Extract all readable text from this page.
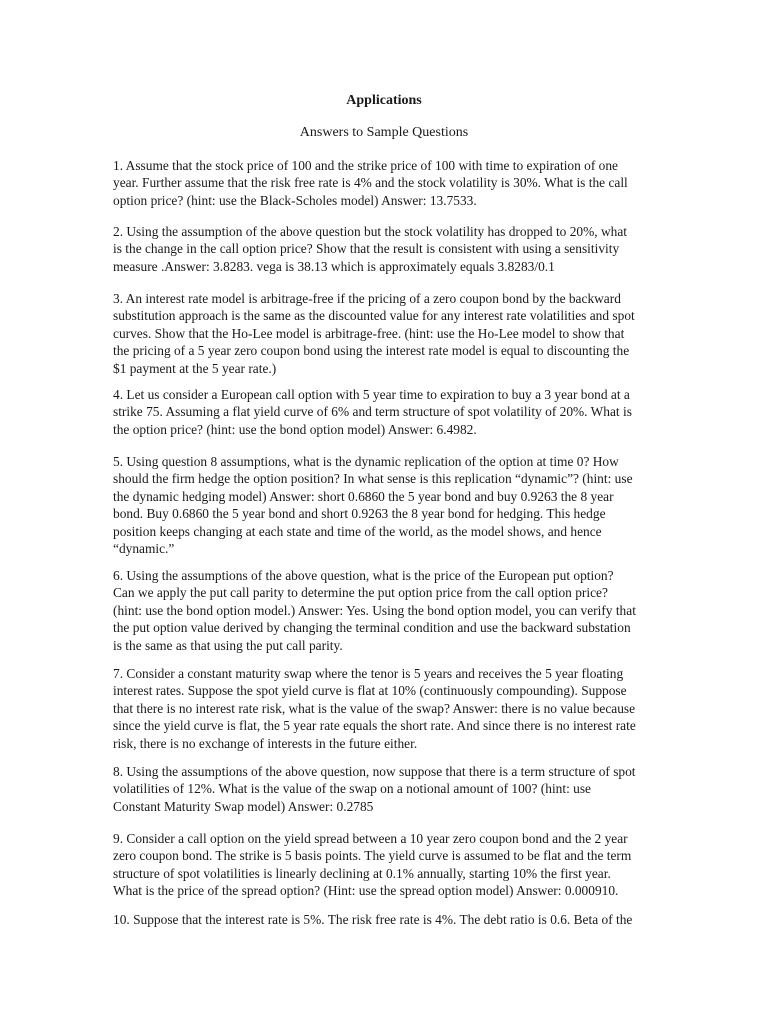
Applications
Answers to Sample Questions

1. Assume that the stock price of 100 and the strike price of 100 with time to expiration of one
year. Further assume that the risk free rate is 4% and the stock volatility is 30%. What is the call
option price? (hint: use the Black-Scholes model) Answer: 13.7533.

2. Using the assumption of the above question but the stock volatility has dropped to 20%, what
is the change in the call option price? Show that the result is consistent with using a sensitivity
measure .Answer: 3.8283. vega is 38.13 which is approximately equals 3.8283/0.1

3. An interest rate model is arbitrage-free if the pricing of a zero coupon bond by the backward
substitution approach is the same as the discounted value for any interest rate volatilities and spot
curves. Show that the Ho-Lee model is arbitrage-free. (hint: use the Ho-Lee model to show that
the pricing of a 5 year zero coupon bond using the interest rate model is equal to discounting the
$1 payment at the 5 year rate.)

4. Let us consider a European call option with 5 year time to expiration to buy a 3 year bond at a
strike 75. Assuming a flat yield curve of 6% and term structure of spot volatility of 20%. What is
the option price? (hint: use the bond option model) Answer: 6.4982.

5. Using question 8 assumptions, what is the dynamic replication of the option at time 0? How
should the firm hedge the option position? In what sense is this replication “dynamic”? (hint: use
the dynamic hedging model) Answer: short 0.6860 the 5 year bond and buy 0.9263 the 8 year
bond. Buy 0.6860 the 5 year bond and short 0.9263 the 8 year bond for hedging. This hedge
position keeps changing at each state and time of the world, as the model shows, and hence
“dynamic.”

6. Using the assumptions of the above question, what is the price of the European put option?
Can we apply the put call parity to determine the put option price from the call option price?
(hint: use the bond option model.) Answer: Yes. Using the bond option model, you can verify that
the put option value derived by changing the terminal condition and use the backward substation
is the same as that using the put call parity.

7. Consider a constant maturity swap where the tenor is 5 years and receives the 5 year floating
interest rates. Suppose the spot yield curve is flat at 10% (continuously compounding). Suppose
that there is no interest rate risk, what is the value of the swap? Answer: there is no value because
since the yield curve is flat, the 5 year rate equals the short rate. And since there is no interest rate
risk, there is no exchange of interests in the future either.

8. Using the assumptions of the above question, now suppose that there is a term structure of spot
volatilities of 12%. What is the value of the swap on a notional amount of 100? (hint: use
Constant Maturity Swap model) Answer: 0.2785

9. Consider a call option on the yield spread between a 10 year zero coupon bond and the 2 year
zero coupon bond. The strike is 5 basis points. The yield curve is assumed to be flat and the term
structure of spot volatilities is linearly declining at 0.1% annually, starting 10% the first year.
What is the price of the spread option? (Hint: use the spread option model) Answer: 0.000910.

10. Suppose that the interest rate is 5%. The risk free rate is 4%. The debt ratio is 0.6. Beta of the
